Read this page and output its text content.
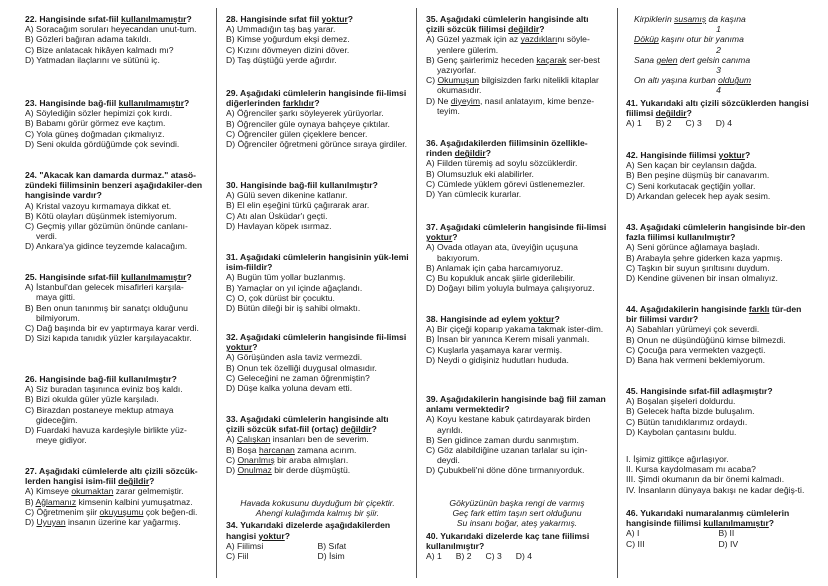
22. Hangisinde sıfat-fiil kullanılmamıştır?
A) Soracağım soruları heyecandan unut-tum.
B) Gözleri bağıran adama takıldı.
C) Bize anlatacak hikâyen kalmadı mı?
D) Yatmadan ilaçlarını ve sütünü iç.
23. Hangisinde bağ-fiil kullanılmamıştır?
A) Söylediğin sözler hepimizi çok kırdı.
B) Babamı görür görmez eve kaçtım.
C) Yola güneş doğmadan çıkmalıyız.
D) Seni okulda gördüğümde çok sevindi.
24. "Akacak kan damarda durmaz." atasö-zündeki fiilimsinin benzeri aşağıdakiler-den hangisinde vardır?
A) Kristal vazoyu kırmamaya dikkat et.
B) Kötü olayları düşünmek istemiyorum.
C) Geçmiş yıllar gözümün önünde canlanı-verdi.
D) Ankara'ya gidince teyzemde kalacağım.
25. Hangisinde sıfat-fiil kullanılmamıştır?
A) İstanbul'dan gelecek misafirleri karşıla-maya gitti.
B) Ben onun tanınmış bir sanatçı olduğunu bilmiyorum.
C) Dağ başında bir ev yaptırmaya karar verdi.
D) Sizi kapıda tanıdık yüzler karşılayacaktır.
26. Hangisinde bağ-fiil kullanılmıştır?
A) Siz buradan taşınınca eviniz boş kaldı.
B) Bizi okulda güler yüzle karşıladı.
C) Birazdan postaneye mektup atmaya gideceğim.
D) Fuardaki havuza kardeşiyle birlikte yüz-meye gidiyor.
27. Aşağıdaki cümlelerde altı çizili sözcük-lerden hangisi isim-fiil değildir?
A) Kimseye okumaktan zarar gelmemiştir.
B) Ağlamanız kimsenin kalbini yumuşatmaz.
C) Öğretmenim şiir okuyuşumu çok beğen-di.
D) Uyuyan insanın üzerine kar yağarmış.
28. Hangisinde sıfat fiil yoktur?
A) Ummadığın taş baş yarar.
B) Kimse yoğurdum ekşi demez.
C) Kızını dövmeyen dizini döver.
D) Taş düştüğü yerde ağırdır.
29. Aşağıdaki cümlelerin hangisinde fii-limsi diğerlerinden farklıdır?
A) Öğrenciler şarkı söyleyerek yürüyorlar.
B) Öğrenciler güle oynaya bahçeye çıktılar.
C) Öğrenciler gülen çiçeklere bencer.
D) Öğrenciler öğretmeni görünce sıraya girdiler.
30. Hangisinde bağ-fiil kullanılmıştır?
A) Gülü seven dikenine katlanır.
B) El elin eşeğini türkü çağırarak arar.
C) Atı alan Üsküdar'ı geçti.
D) Havlayan köpek ısırmaz.
31. Aşağıdaki cümlelerin hangisinin yük-lemi isim-fiildir?
A) Bugün tüm yollar buzlanmış.
B) Yamaçlar on yıl içinde ağaçlandı.
C) O, çok dürüst bir çocuktu.
D) Bütün dileği bir iş sahibi olmaktı.
32. Aşağıdaki cümlelerin hangisinde fii-limsi yoktur?
A) Görüşünden asla taviz vermezdi.
B) Onun tek özelliği duygusal olmasıdır.
C) Geleceğini ne zaman öğrenmiştin?
D) Düşe kalka yoluna devam etti.
33. Aşağıdaki cümlelerin hangisinde altı çizili sözcük sıfat-fiil (ortaç) değildir?
A) Çalışkan insanları ben de severim.
B) Boşa harcanan zamana acırım.
C) Onarılmış bir araba almışları.
D) Onulmaz bir derde düşmüştü.
Havada kokusunu duyduğum bir çiçektir.
Ahengi kulağımda kalmış bir şiir.
34. Yukarıdaki dizelerde aşağıdakilerden hangisi yoktur?
A) Fiilimsi	B) Sıfat
C) Fiil	D) İsim
35. Aşağıdaki cümlelerin hangisinde altı çizili sözcük fiilimsi değildir?
A) Güzel yazmak için az yazdıklarını söyle-yenlere gülerim.
B) Genç şairlerimiz heceden kaçarak ser-best yazıyorlar.
C) Okumuşun bilgisizden farkı nitelikli kitaplar okumasıdır.
D) Ne diyeyim, nasıl anlatayım, kime benze-teyim.
36. Aşağıdakilerden fiilimsinin özellikle-rinden değildir?
A) Fiilden türemiş ad soylu sözcüklerdir.
B) Olumsuzluk eki alabilirler.
C) Cümlede yüklem görevi üstlenemezler.
D) Yan cümlecik kurarlar.
37. Aşağıdaki cümlelerin hangisinde fii-limsi yoktur?
A) Ovada otlayan ata, üveyiğin uçuşuna bakıyorum.
B) Anlamak için çaba harcamıyoruz.
C) Bu kopukluk ancak şiirle giderilebilir.
D) Doğayı bilim yoluyla bulmaya çalışıyoruz.
38. Hangisinde ad eylem yoktur?
A) Bir çiçeği koparıp yakama takmak ister-dim.
B) İnsan bir yanınca Kerem misali yanmalı.
C) Kuşlarla yaşamaya karar vermiş.
D) Neydi o gidişiniz hudutları hududa.
39. Aşağıdakilerin hangisinde bağ fiil zaman anlamı vermektedir?
A) Koyu kestane kabuk çatırdayarak birden ayrıldı.
B) Sen gidince zaman durdu sanmıştım.
C) Göz alabildiğine uzanan tarlalar su için-deydi.
D) Çubukbeli'ni döne döne tırmanıyorduk.
Gökyüzünün başka rengi de varmış
Geç fark ettim taşın sert olduğunu
Su insanı boğar, ateş yakarmış.
40. Yukarıdaki dizelerde kaç tane fiilimsi kullanılmıştır?
A) 1 B) 2 C) 3 D) 4
Kirpiklerin susamış da kaşına
1
Döküp kaşını otur bir yanıma
2
Sana gelen dert gelsin canıma
3
On altı yaşına kurban olduğum
4
41. Yukarıdaki altı çizili sözcüklerden hangisi fiilimsi değildir?
A) 1 B) 2 C) 3 D) 4
42. Hangisinde fiilimsi yoktur?
A) Sen kaçan bir ceylansın dağda.
B) Ben peşine düşmüş bir canavarım.
C) Seni korkutacak geçtiğin yollar.
D) Arkandan gelecek hep ayak sesim.
43. Aşağıdaki cümlelerin hangisinde bir-den fazla fiilimsi kullanılmıştır?
A) Seni görünce ağlamaya başladı.
B) Arabayla şehre giderken kaza yapmış.
C) Taşkın bir suyun şırıltısını duydum.
D) Kendine güvenen bir insan olmalıyız.
44. Aşağıdakilerin hangisinde farklı tür-den bir fiilimsi vardır?
A) Sabahları yürümeyi çok severdi.
B) Onun ne düşündüğünü kimse bilmezdi.
C) Çocuğa para vermekten vazgeçti.
D) Bana hak vermeni beklemiyorum.
45. Hangisinde sıfat-fiil adlaşmıştır?
A) Boşalan şişeleri doldurdu.
B) Gelecek hafta bizde buluşalım.
C) Bütün tanıdıklarımız ordaydı.
D) Kaybolan çantasını buldu.
I. İşimiz gittikçe ağırlaşıyor.
II. Kursa kaydolmasam mı acaba?
III. Şimdi okumanın da bir önemi kalmadı.
IV. İnsanların dünyaya bakışı ne kadar değiş-ti.
46. Yukarıdaki numaralanmış cümlelerin hangisinde fiilimsi kullanılmamıştır?
A) I	B) II
C) III	D) IV
